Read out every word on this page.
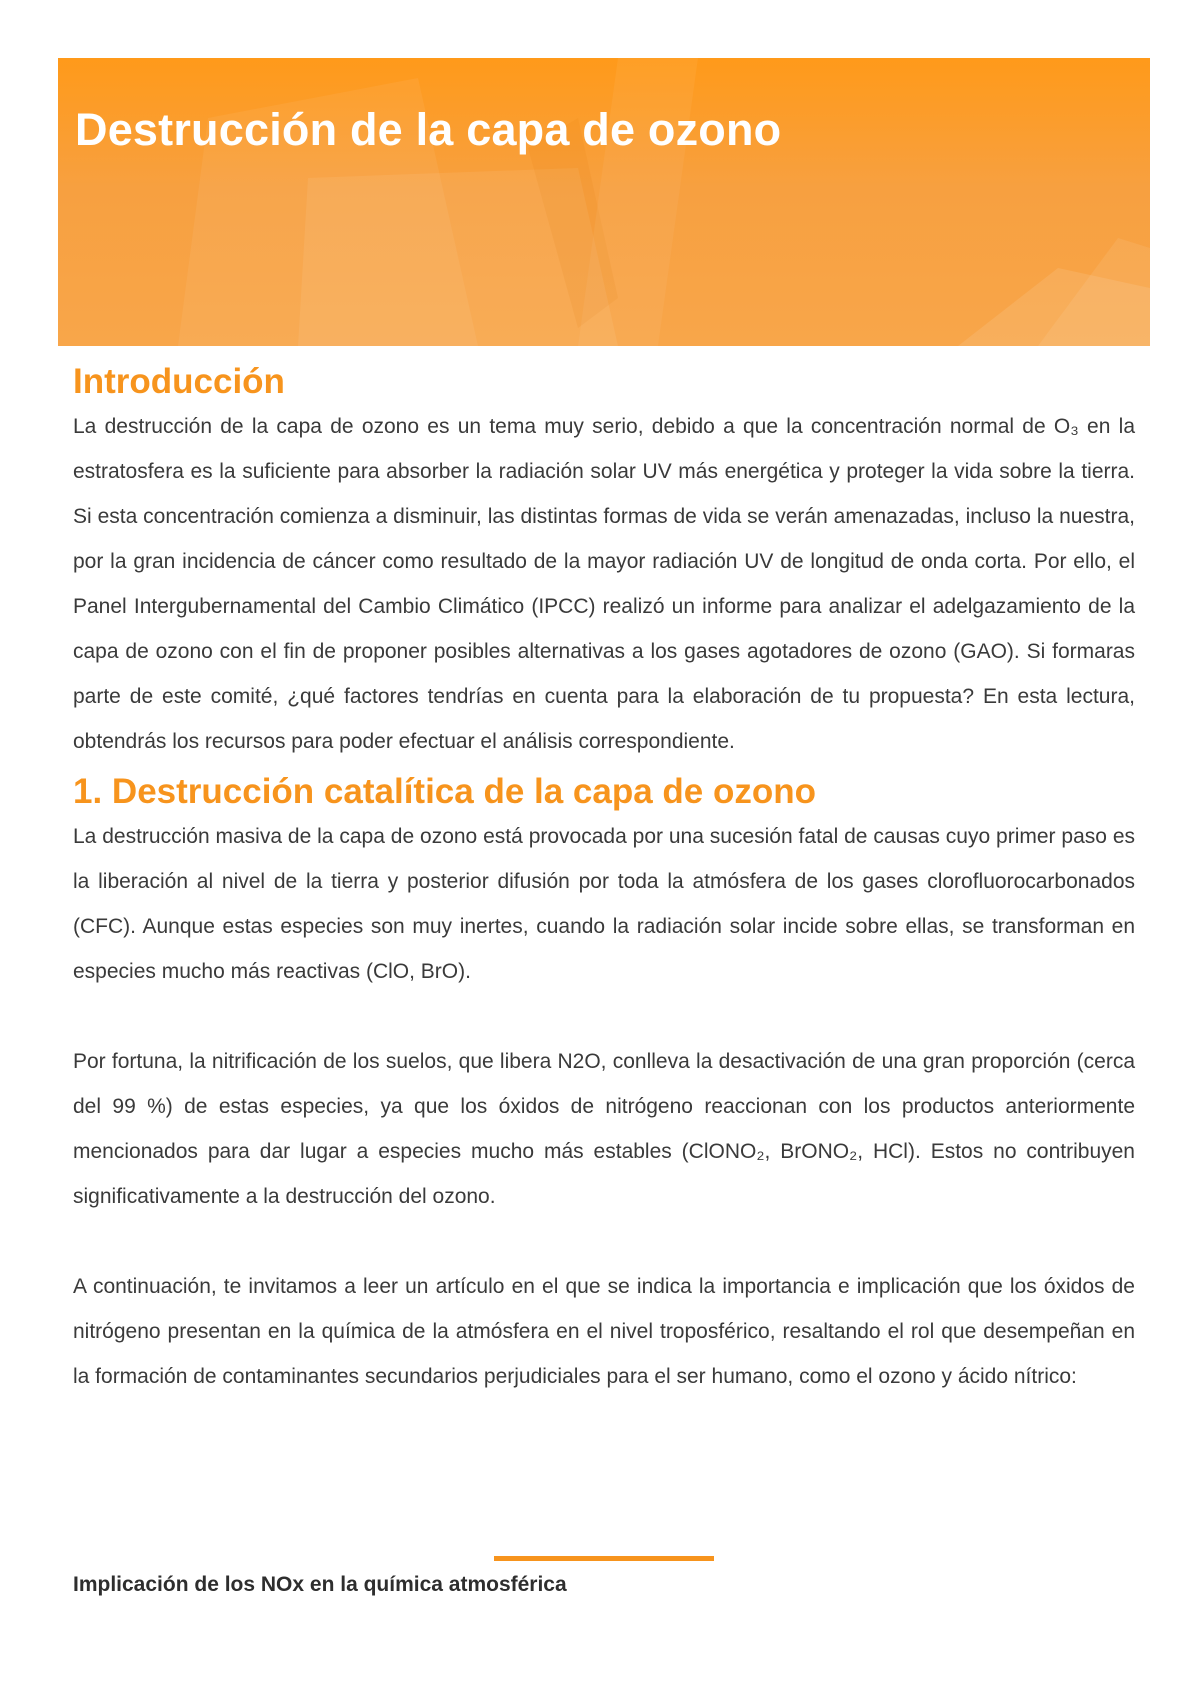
Destrucción de la capa de ozono
Introducción

La destrucción de la capa de ozono es un tema muy serio, debido a que la concentración normal de O₃ en la estratosfera es la suficiente para absorber la radiación solar UV más energética y proteger la vida sobre la tierra. Si esta concentración comienza a disminuir, las distintas formas de vida se verán amenazadas, incluso la nuestra, por la gran incidencia de cáncer como resultado de la mayor radiación UV de longitud de onda corta. Por ello, el Panel Intergubernamental del Cambio Climático (IPCC) realizó un informe para analizar el adelgazamiento de la capa de ozono con el fin de proponer posibles alternativas a los gases agotadores de ozono (GAO). Si formaras parte de este comité, ¿qué factores tendrías en cuenta para la elaboración de tu propuesta? En esta lectura, obtendrás los recursos para poder efectuar el análisis correspondiente.

1. Destrucción catalítica de la capa de ozono

La destrucción masiva de la capa de ozono está provocada por una sucesión fatal de causas cuyo primer paso es la liberación al nivel de la tierra y posterior difusión por toda la atmósfera de los gases clorofluorocarbonados (CFC). Aunque estas especies son muy inertes, cuando la radiación solar incide sobre ellas, se transforman en especies mucho más reactivas (ClO, BrO).

Por fortuna, la nitrificación de los suelos, que libera N2O, conlleva la desactivación de una gran proporción (cerca del 99 %) de estas especies, ya que los óxidos de nitrógeno reaccionan con los productos anteriormente mencionados para dar lugar a especies mucho más estables (ClONO₂, BrONO₂, HCl). Estos no contribuyen significativamente a la destrucción del ozono.

A continuación, te invitamos a leer un artículo en el que se indica la importancia e implicación que los óxidos de nitrógeno presentan en la química de la atmósfera en el nivel troposférico, resaltando el rol que desempeñan en la formación de contaminantes secundarios perjudiciales para el ser humano, como el ozono y ácido nítrico:

Implicación de los NOx en la química atmosférica
